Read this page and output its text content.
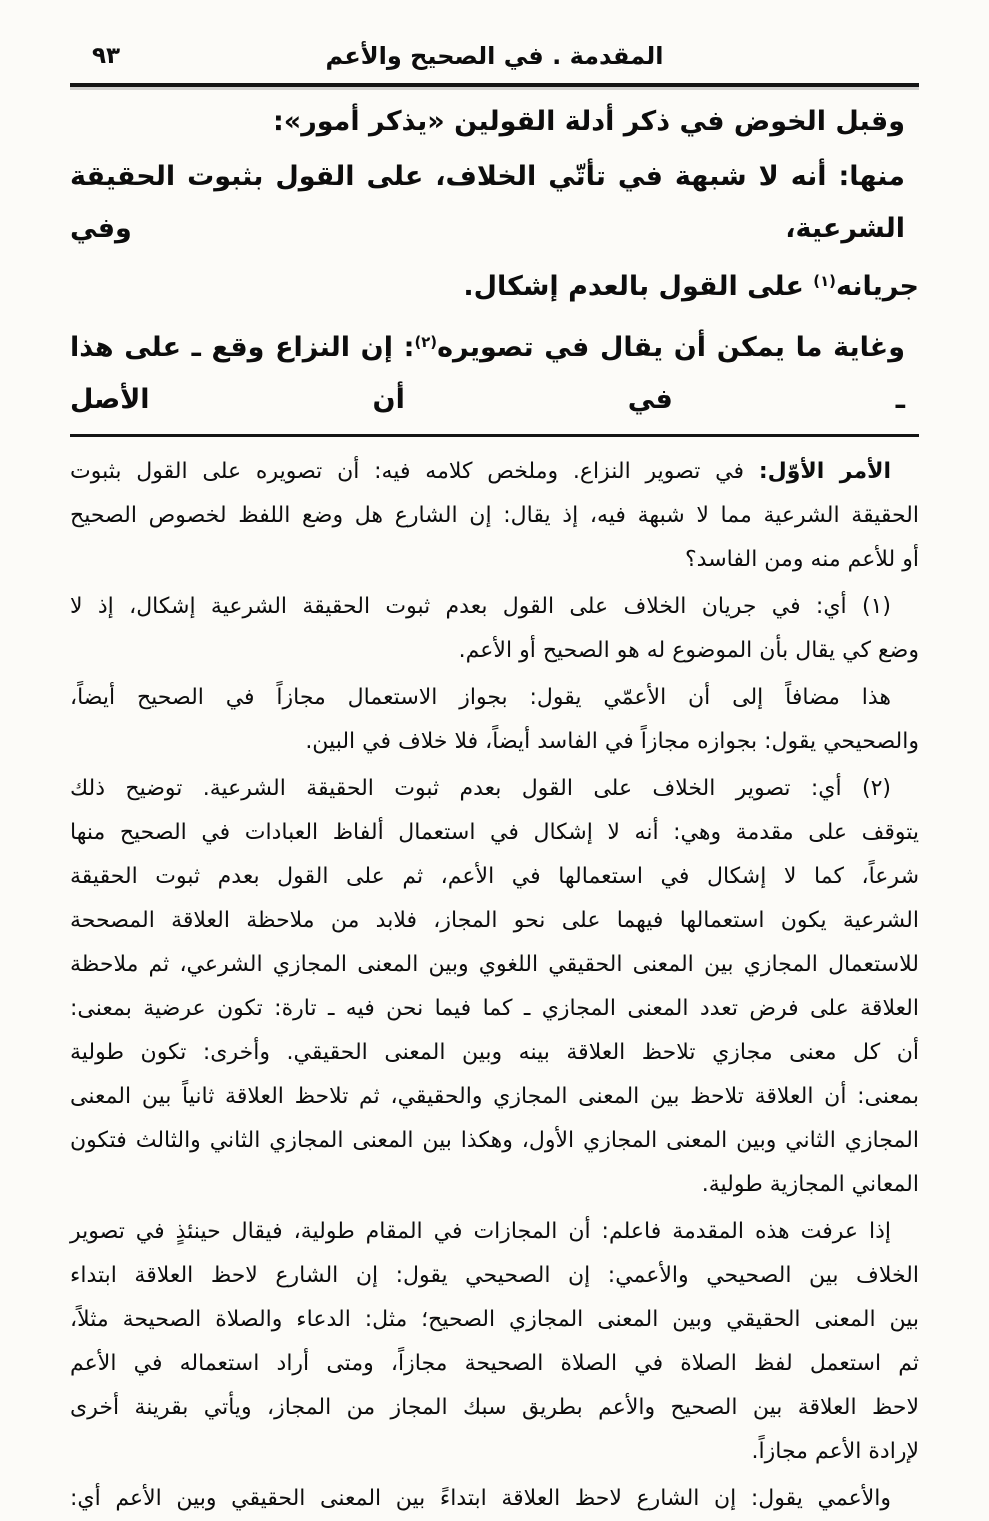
٩٣	المقدمة . في الصحيح والأعم
وقبل الخوض في ذكر أدلة القولين «يذكر أمور»:
منها: أنه لا شبهة في تأتّي الخلاف، على القول بثبوت الحقيقة الشرعية، وفي
جريانه$^{(١)}$ على القول بالعدم إشكال.
وغاية ما يمكن أن يقال في تصويره$^{(٢)}$: إن النزاع وقع ـ على هذا ـ في أن الأصل
الأمر الأوّل: في تصوير النزاع. وملخص كلامه فيه: أن تصويره على القول بثبوت
الحقيقة الشرعية مما لا شبهة فيه، إذ يقال: إن الشارع هل وضع اللفظ لخصوص الصحيح
أو للأعم منه ومن الفاسد؟
(١) أي: في جريان الخلاف على القول بعدم ثبوت الحقيقة الشرعية إشكال، إذ لا
وضع كي يقال بأن الموضوع له هو الصحيح أو الأعم.
هذا مضافاً إلى أن الأعمّي يقول: بجواز الاستعمال مجازاً في الصحيح أيضاً،
والصحيحي يقول: بجوازه مجازاً في الفاسد أيضاً، فلا خلاف في البين.
(٢) أي: تصوير الخلاف على القول بعدم ثبوت الحقيقة الشرعية. توضيح ذلك
يتوقف على مقدمة وهي: أنه لا إشكال في استعمال ألفاظ العبادات في الصحيح منها
شرعاً، كما لا إشكال في استعمالها في الأعم، ثم على القول بعدم ثبوت الحقيقة
الشرعية يكون استعمالها فيهما على نحو المجاز، فلابد من ملاحظة العلاقة المصححة
للاستعمال المجازي بين المعنى الحقيقي اللغوي وبين المعنى المجازي الشرعي، ثم ملاحظة
العلاقة على فرض تعدد المعنى المجازي ـ كما فيما نحن فيه ـ تارة: تكون عرضية بمعنى:
أن كل معنى مجازي تلاحظ العلاقة بينه وبين المعنى الحقيقي. وأخرى: تكون طولية
بمعنى: أن العلاقة تلاحظ بين المعنى المجازي والحقيقي، ثم تلاحظ العلاقة ثانياً بين المعنى
المجازي الثاني وبين المعنى المجازي الأول، وهكذا بين المعنى المجازي الثاني والثالث فتكون
المعاني المجازية طولية.
إذا عرفت هذه المقدمة فاعلم: أن المجازات في المقام طولية، فيقال حينئذٍ في تصوير
الخلاف بين الصحيحي والأعمي: إن الصحيحي يقول: إن الشارع لاحظ العلاقة ابتداء
بين المعنى الحقيقي وبين المعنى المجازي الصحيح؛ مثل: الدعاء والصلاة الصحيحة مثلاً،
ثم استعمل لفظ الصلاة في الصلاة الصحيحة مجازاً، ومتى أراد استعماله في الأعم
لاحظ العلاقة بين الصحيح والأعم بطريق سبك المجاز من المجاز، ويأتي بقرينة أخرى
لإرادة الأعم مجازاً.
والأعمي يقول: إن الشارع لاحظ العلاقة ابتداءً بين المعنى الحقيقي وبين الأعم أي:
